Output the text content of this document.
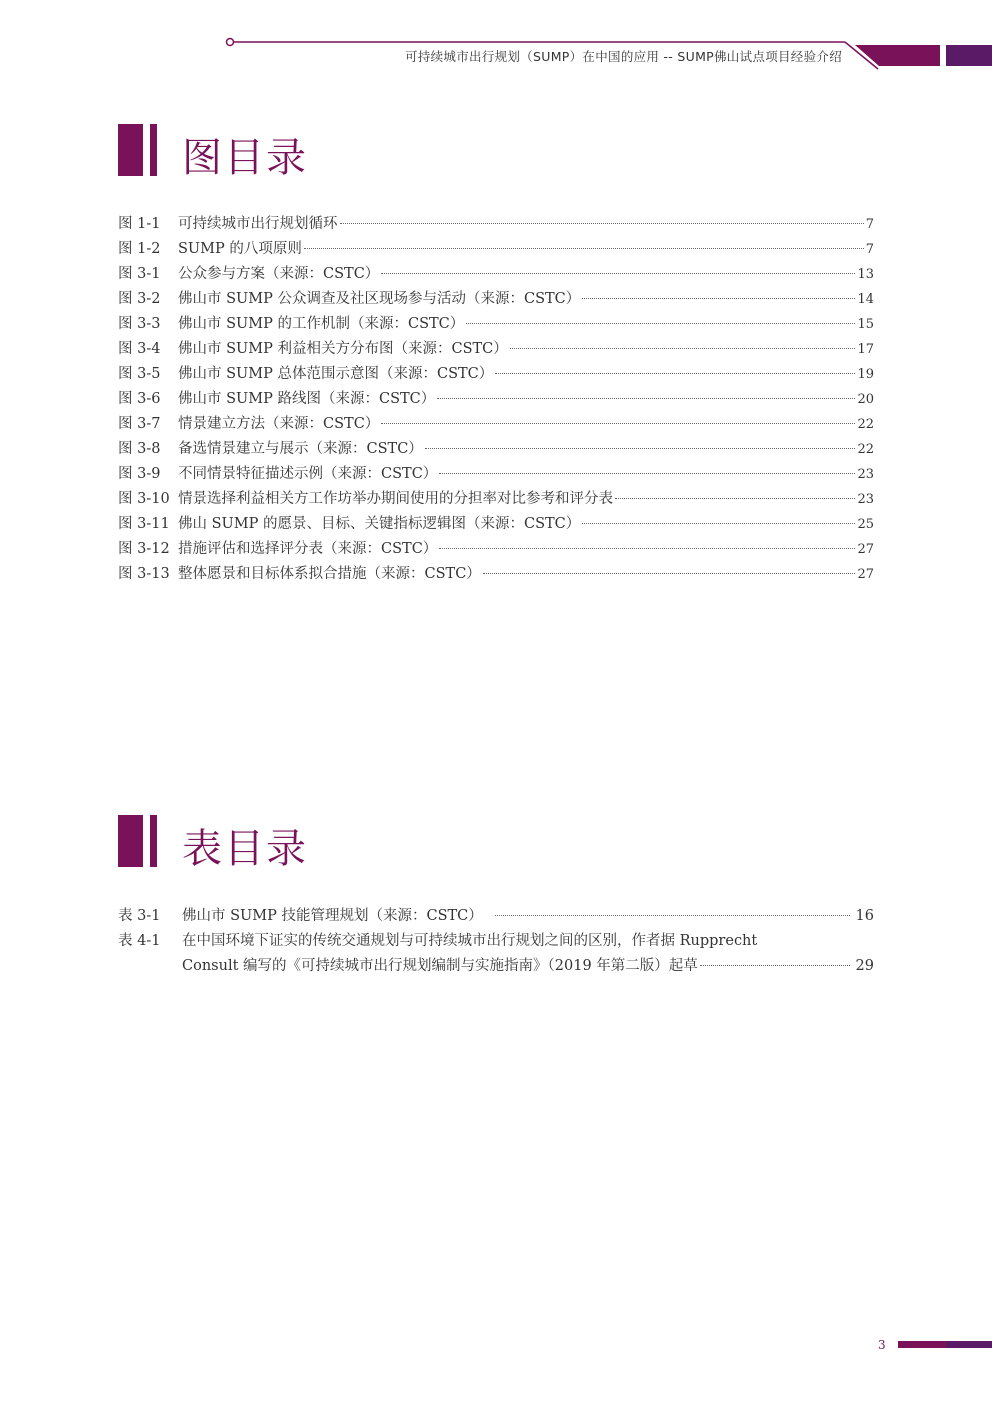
可持续城市出行规划（SUMP）在中国的应用 -- SUMP佛山试点项目经验介绍
图目录
图 1-1	可持续城市出行规划循环	7
图 1-2	SUMP 的八项原则	7
图 3-1	公众参与方案（来源：CSTC）	13
图 3-2	佛山市 SUMP 公众调查及社区现场参与活动（来源：CSTC）	14
图 3-3	佛山市 SUMP 的工作机制（来源：CSTC）	15
图 3-4	佛山市 SUMP 利益相关方分布图（来源：CSTC）	17
图 3-5	佛山市 SUMP 总体范围示意图（来源：CSTC）	19
图 3-6	佛山市 SUMP 路线图（来源：CSTC）	20
图 3-7	情景建立方法（来源：CSTC）	22
图 3-8	备选情景建立与展示（来源：CSTC）	22
图 3-9	不同情景特征描述示例（来源：CSTC）	23
图 3-10 情景选择利益相关方工作坊举办期间使用的分担率对比参考和评分表	23
图 3-11 佛山 SUMP 的愿景、目标、关键指标逻辑图（来源：CSTC）	25
图 3-12 措施评估和选择评分表（来源：CSTC）	27
图 3-13 整体愿景和目标体系拟合措施（来源：CSTC）	27
表目录
表 3-1	佛山市 SUMP 技能管理规划（来源：CSTC）	16
表 4-1	在中国环境下证实的传统交通规划与可持续城市出行规划之间的区别，作者据 Rupprecht
Consult 编写的《可持续城市出行规划编制与实施指南》（2019 年第二版）起草	29
3
